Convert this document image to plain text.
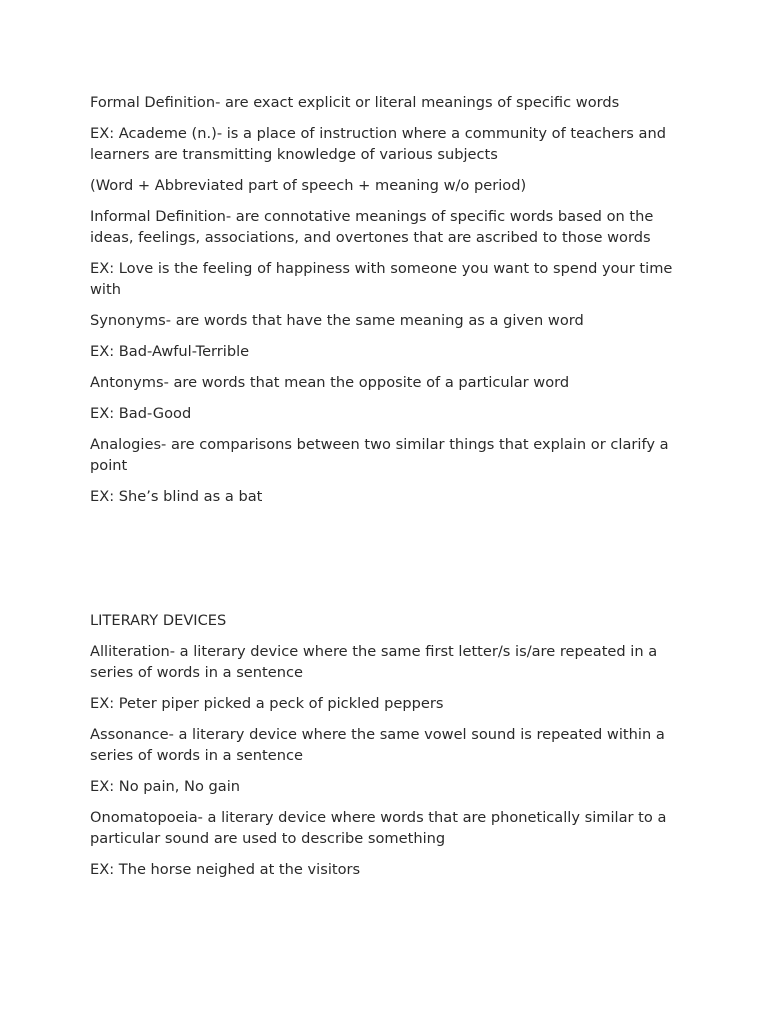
Formal Definition- are exact explicit or literal meanings of specific words

EX: Academe (n.)- is a place of instruction where a community of teachers and learners are transmitting knowledge of various subjects

(Word + Abbreviated part of speech + meaning w/o period)

Informal Definition- are connotative meanings of specific words based on the ideas, feelings, associations, and overtones that are ascribed to those words

EX: Love is the feeling of happiness with someone you want to spend your time with

Synonyms- are words that have the same meaning as a given word

EX: Bad-Awful-Terrible

Antonyms- are words that mean the opposite of a particular word

EX: Bad-Good

Analogies- are comparisons between two similar things that explain or clarify a point

EX: She’s blind as a bat

LITERARY DEVICES

Alliteration- a literary device where the same first letter/s is/are repeated in a series of words in a sentence

EX: Peter piper picked a peck of pickled peppers

Assonance- a literary device where the same vowel sound is repeated within a series of words in a sentence

EX: No pain, No gain

Onomatopoeia- a literary device where words that are phonetically similar to a particular sound are used to describe something

EX: The horse neighed at the visitors
